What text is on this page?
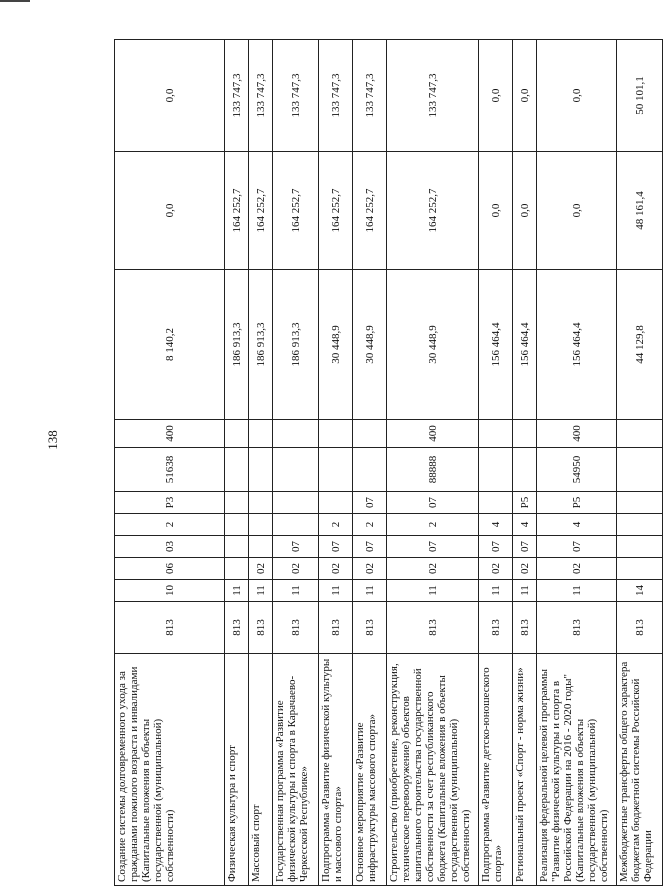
138
Создание системы долговременного ухода за гражданами пожилого возраста и инвалидами (Капитальные вложения в объекты государственной (муниципальной) собственности)	813	10	06	03	2	P3	51638	400	8 140,2	0,0	0,0
Физическая культура и спорт	813	11							186 913,3	164 252,7	133 747,3
Массовый спорт	813	11	02						186 913,3	164 252,7	133 747,3
Государственная программа «Развитие физической культуры и спорта в Карачаево-Черкесской Республике»	813	11	02	07					186 913,3	164 252,7	133 747,3
Подпрограмма «Развитие физической культуры и массового спорта»	813	11	02	07	2				30 448,9	164 252,7	133 747,3
Основное мероприятие «Развитие инфраструктуры массового спорта»	813	11	02	07	2	07			30 448,9	164 252,7	133 747,3
Строительство (приобретение, реконструкция, техническое перевооружение) объектов капитального строительства государственной собственности за счет республиканского бюджета (Капитальные вложения в объекты государственной (муниципальной) собственности)	813	11	02	07	2	07	88888	400	30 448,9	164 252,7	133 747,3
Подпрограмма «Развитие детско-юношеского спорта»	813	11	02	07	4				156 464,4	0,0	0,0
Региональный проект «Спорт - норма жизни»	813	11	02	07	4	P5			156 464,4	0,0	0,0
Реализация федеральной целевой программы "Развитие физической культуры и спорта в Российской Федерации на 2016 - 2020 годы" (Капитальные вложения в объекты государственной (муниципальной) собственности)	813	11	02	07	4	P5	54950	400	156 464,4	0,0	0,0
Межбюджетные трансферты общего характера бюджетам бюджетной системы Российской Федерации	813	14							44 129,8	48 161,4	50 101,1
